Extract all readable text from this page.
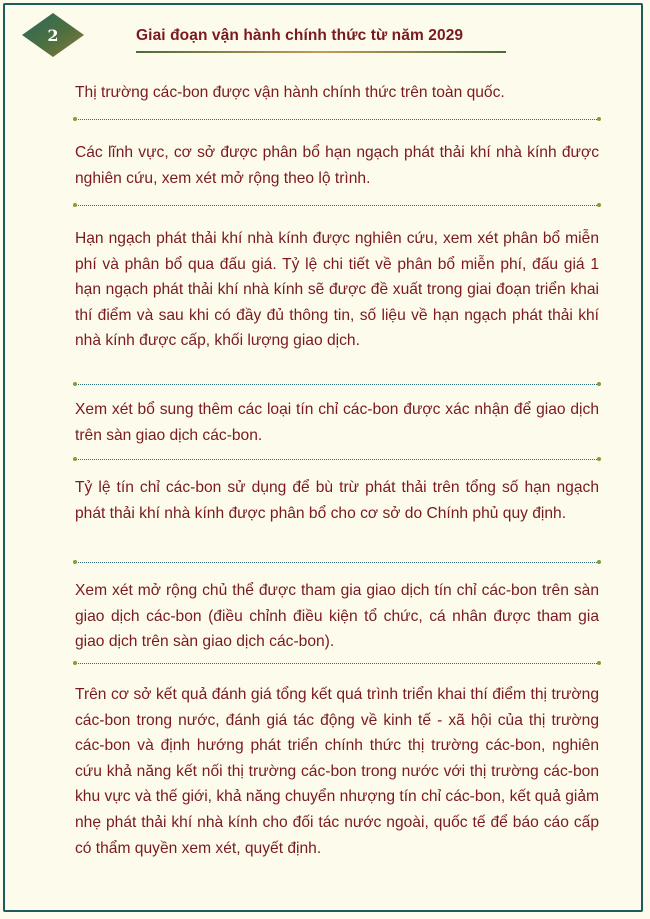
2	Giai đoạn vận hành chính thức từ năm 2029

Thị trường các-bon được vận hành chính thức trên toàn quốc.

Các lĩnh vực, cơ sở được phân bổ hạn ngạch phát thải khí nhà kính được nghiên cứu, xem xét mở rộng theo lộ trình.

Hạn ngạch phát thải khí nhà kính được nghiên cứu, xem xét phân bổ miễn phí và phân bổ qua đấu giá. Tỷ lệ chi tiết về phân bổ miễn phí, đấu giá 1 hạn ngạch phát thải khí nhà kính sẽ được đề xuất trong giai đoạn triển khai thí điểm và sau khi có đầy đủ thông tin, số liệu về hạn ngạch phát thải khí nhà kính được cấp, khối lượng giao dịch.

Xem xét bổ sung thêm các loại tín chỉ các-bon được xác nhận để giao dịch trên sàn giao dịch các-bon.

Tỷ lệ tín chỉ các-bon sử dụng để bù trừ phát thải trên tổng số hạn ngạch phát thải khí nhà kính được phân bổ cho cơ sở do Chính phủ quy định.

Xem xét mở rộng chủ thể được tham gia giao dịch tín chỉ các-bon trên sàn giao dịch các-bon (điều chỉnh điều kiện tổ chức, cá nhân được tham gia giao dịch trên sàn giao dịch các-bon).

Trên cơ sở kết quả đánh giá tổng kết quá trình triển khai thí điểm thị trường các-bon trong nước, đánh giá tác động về kinh tế - xã hội của thị trường các-bon và định hướng phát triển chính thức thị trường các-bon, nghiên cứu khả năng kết nối thị trường các-bon trong nước với thị trường các-bon khu vực và thế giới, khả năng chuyển nhượng tín chỉ các-bon, kết quả giảm nhẹ phát thải khí nhà kính cho đối tác nước ngoài, quốc tế để báo cáo cấp có thẩm quyền xem xét, quyết định.
